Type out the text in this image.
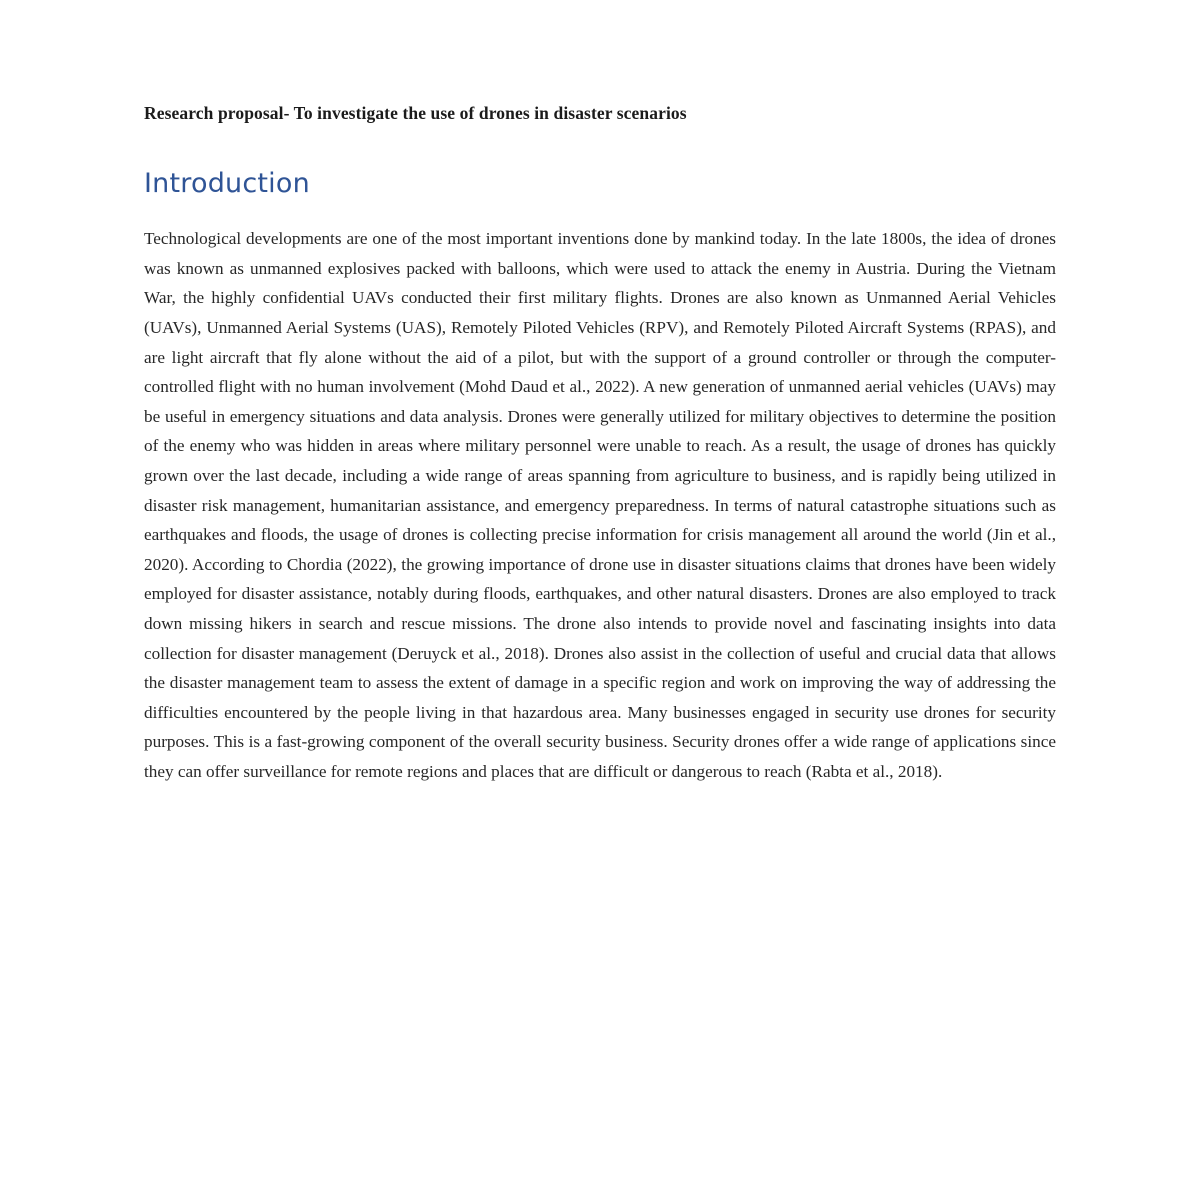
Research proposal- To investigate the use of drones in disaster scenarios
Introduction

Technological developments are one of the most important inventions done by mankind today. In the late 1800s, the idea of drones was known as unmanned explosives packed with balloons, which were used to attack the enemy in Austria. During the Vietnam War, the highly confidential UAVs conducted their first military flights. Drones are also known as Unmanned Aerial Vehicles (UAVs), Unmanned Aerial Systems (UAS), Remotely Piloted Vehicles (RPV), and Remotely Piloted Aircraft Systems (RPAS), and are light aircraft that fly alone without the aid of a pilot, but with the support of a ground controller or through the computer-controlled flight with no human involvement (Mohd Daud et al., 2022). A new generation of unmanned aerial vehicles (UAVs) may be useful in emergency situations and data analysis. Drones were generally utilized for military objectives to determine the position of the enemy who was hidden in areas where military personnel were unable to reach. As a result, the usage of drones has quickly grown over the last decade, including a wide range of areas spanning from agriculture to business, and is rapidly being utilized in disaster risk management, humanitarian assistance, and emergency preparedness. In terms of natural catastrophe situations such as earthquakes and floods, the usage of drones is collecting precise information for crisis management all around the world (Jin et al., 2020). According to Chordia (2022), the growing importance of drone use in disaster situations claims that drones have been widely employed for disaster assistance, notably during floods, earthquakes, and other natural disasters. Drones are also employed to track down missing hikers in search and rescue missions. The drone also intends to provide novel and fascinating insights into data collection for disaster management (Deruyck et al., 2018). Drones also assist in the collection of useful and crucial data that allows the disaster management team to assess the extent of damage in a specific region and work on improving the way of addressing the difficulties encountered by the people living in that hazardous area. Many businesses engaged in security use drones for security purposes. This is a fast-growing component of the overall security business. Security drones offer a wide range of applications since they can offer surveillance for remote regions and places that are difficult or dangerous to reach (Rabta et al., 2018).
